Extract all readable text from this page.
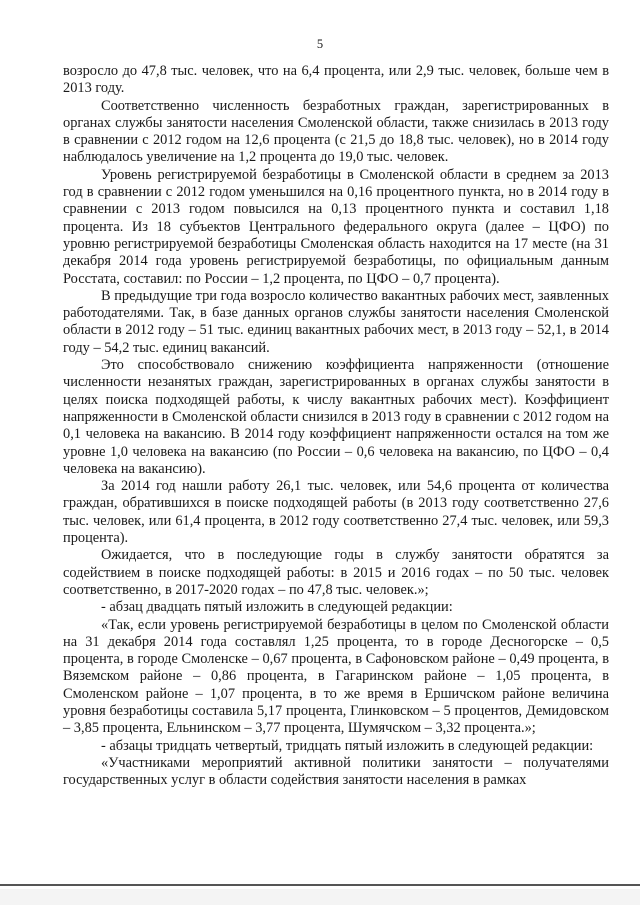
5

возросло до 47,8 тыс. человек, что на 6,4 процента, или 2,9 тыс. человек, больше чем в 2013 году.

Соответственно численность безработных граждан, зарегистрированных в органах службы занятости населения Смоленской области, также снизилась в 2013 году в сравнении с 2012 годом на 12,6 процента (с 21,5 до 18,8 тыс. человек), но в 2014 году наблюдалось увеличение на 1,2 процента до 19,0 тыс. человек.

Уровень регистрируемой безработицы в Смоленской области в среднем за 2013 год в сравнении с 2012 годом уменьшился на 0,16 процентного пункта, но в 2014 году в сравнении с 2013 годом повысился на 0,13 процентного пункта и составил 1,18 процента. Из 18 субъектов Центрального федерального округа (далее – ЦФО) по уровню регистрируемой безработицы Смоленская область находится на 17 месте (на 31 декабря 2014 года уровень регистрируемой безработицы, по официальным данным Росстата, составил: по России – 1,2 процента, по ЦФО – 0,7 процента).

В предыдущие три года возросло количество вакантных рабочих мест, заявленных работодателями. Так, в базе данных органов службы занятости населения Смоленской области в 2012 году – 51 тыс. единиц вакантных рабочих мест, в 2013 году – 52,1, в 2014 году – 54,2 тыс. единиц вакансий.

Это способствовало снижению коэффициента напряженности (отношение численности незанятых граждан, зарегистрированных в органах службы занятости в целях поиска подходящей работы, к числу вакантных рабочих мест). Коэффициент напряженности в Смоленской области снизился в 2013 году в сравнении с 2012 годом на 0,1 человека на вакансию. В 2014 году коэффициент напряженности остался на том же уровне 1,0 человека на вакансию (по России – 0,6 человека на вакансию, по ЦФО – 0,4 человека на вакансию).

За 2014 год нашли работу 26,1 тыс. человек, или 54,6 процента от количества граждан, обратившихся в поиске подходящей работы (в 2013 году соответственно 27,6 тыс. человек, или 61,4 процента, в 2012 году соответственно 27,4 тыс. человек, или 59,3 процента).

Ожидается, что в последующие годы в службу занятости обратятся за содействием в поиске подходящей работы: в 2015 и 2016 годах – по 50 тыс. человек соответственно, в 2017-2020 годах – по 47,8 тыс. человек.»;

- абзац двадцать пятый изложить в следующей редакции:

«Так, если уровень регистрируемой безработицы в целом по Смоленской области на 31 декабря 2014 года составлял 1,25 процента, то в городе Десногорске – 0,5 процента, в городе Смоленске – 0,67 процента, в Сафоновском районе – 0,49 процента, в Вяземском районе – 0,86 процента, в Гагаринском районе – 1,05 процента, в Смоленском районе – 1,07 процента, в то же время в Ершичском районе величина уровня безработицы составила 5,17 процента, Глинковском – 5 процентов, Демидовском – 3,85 процента, Ельнинском – 3,77 процента, Шумячском – 3,32 процента.»;

- абзацы тридцать четвертый, тридцать пятый изложить в следующей редакции:

«Участниками мероприятий активной политики занятости – получателями государственных услуг в области содействия занятости населения в рамках
